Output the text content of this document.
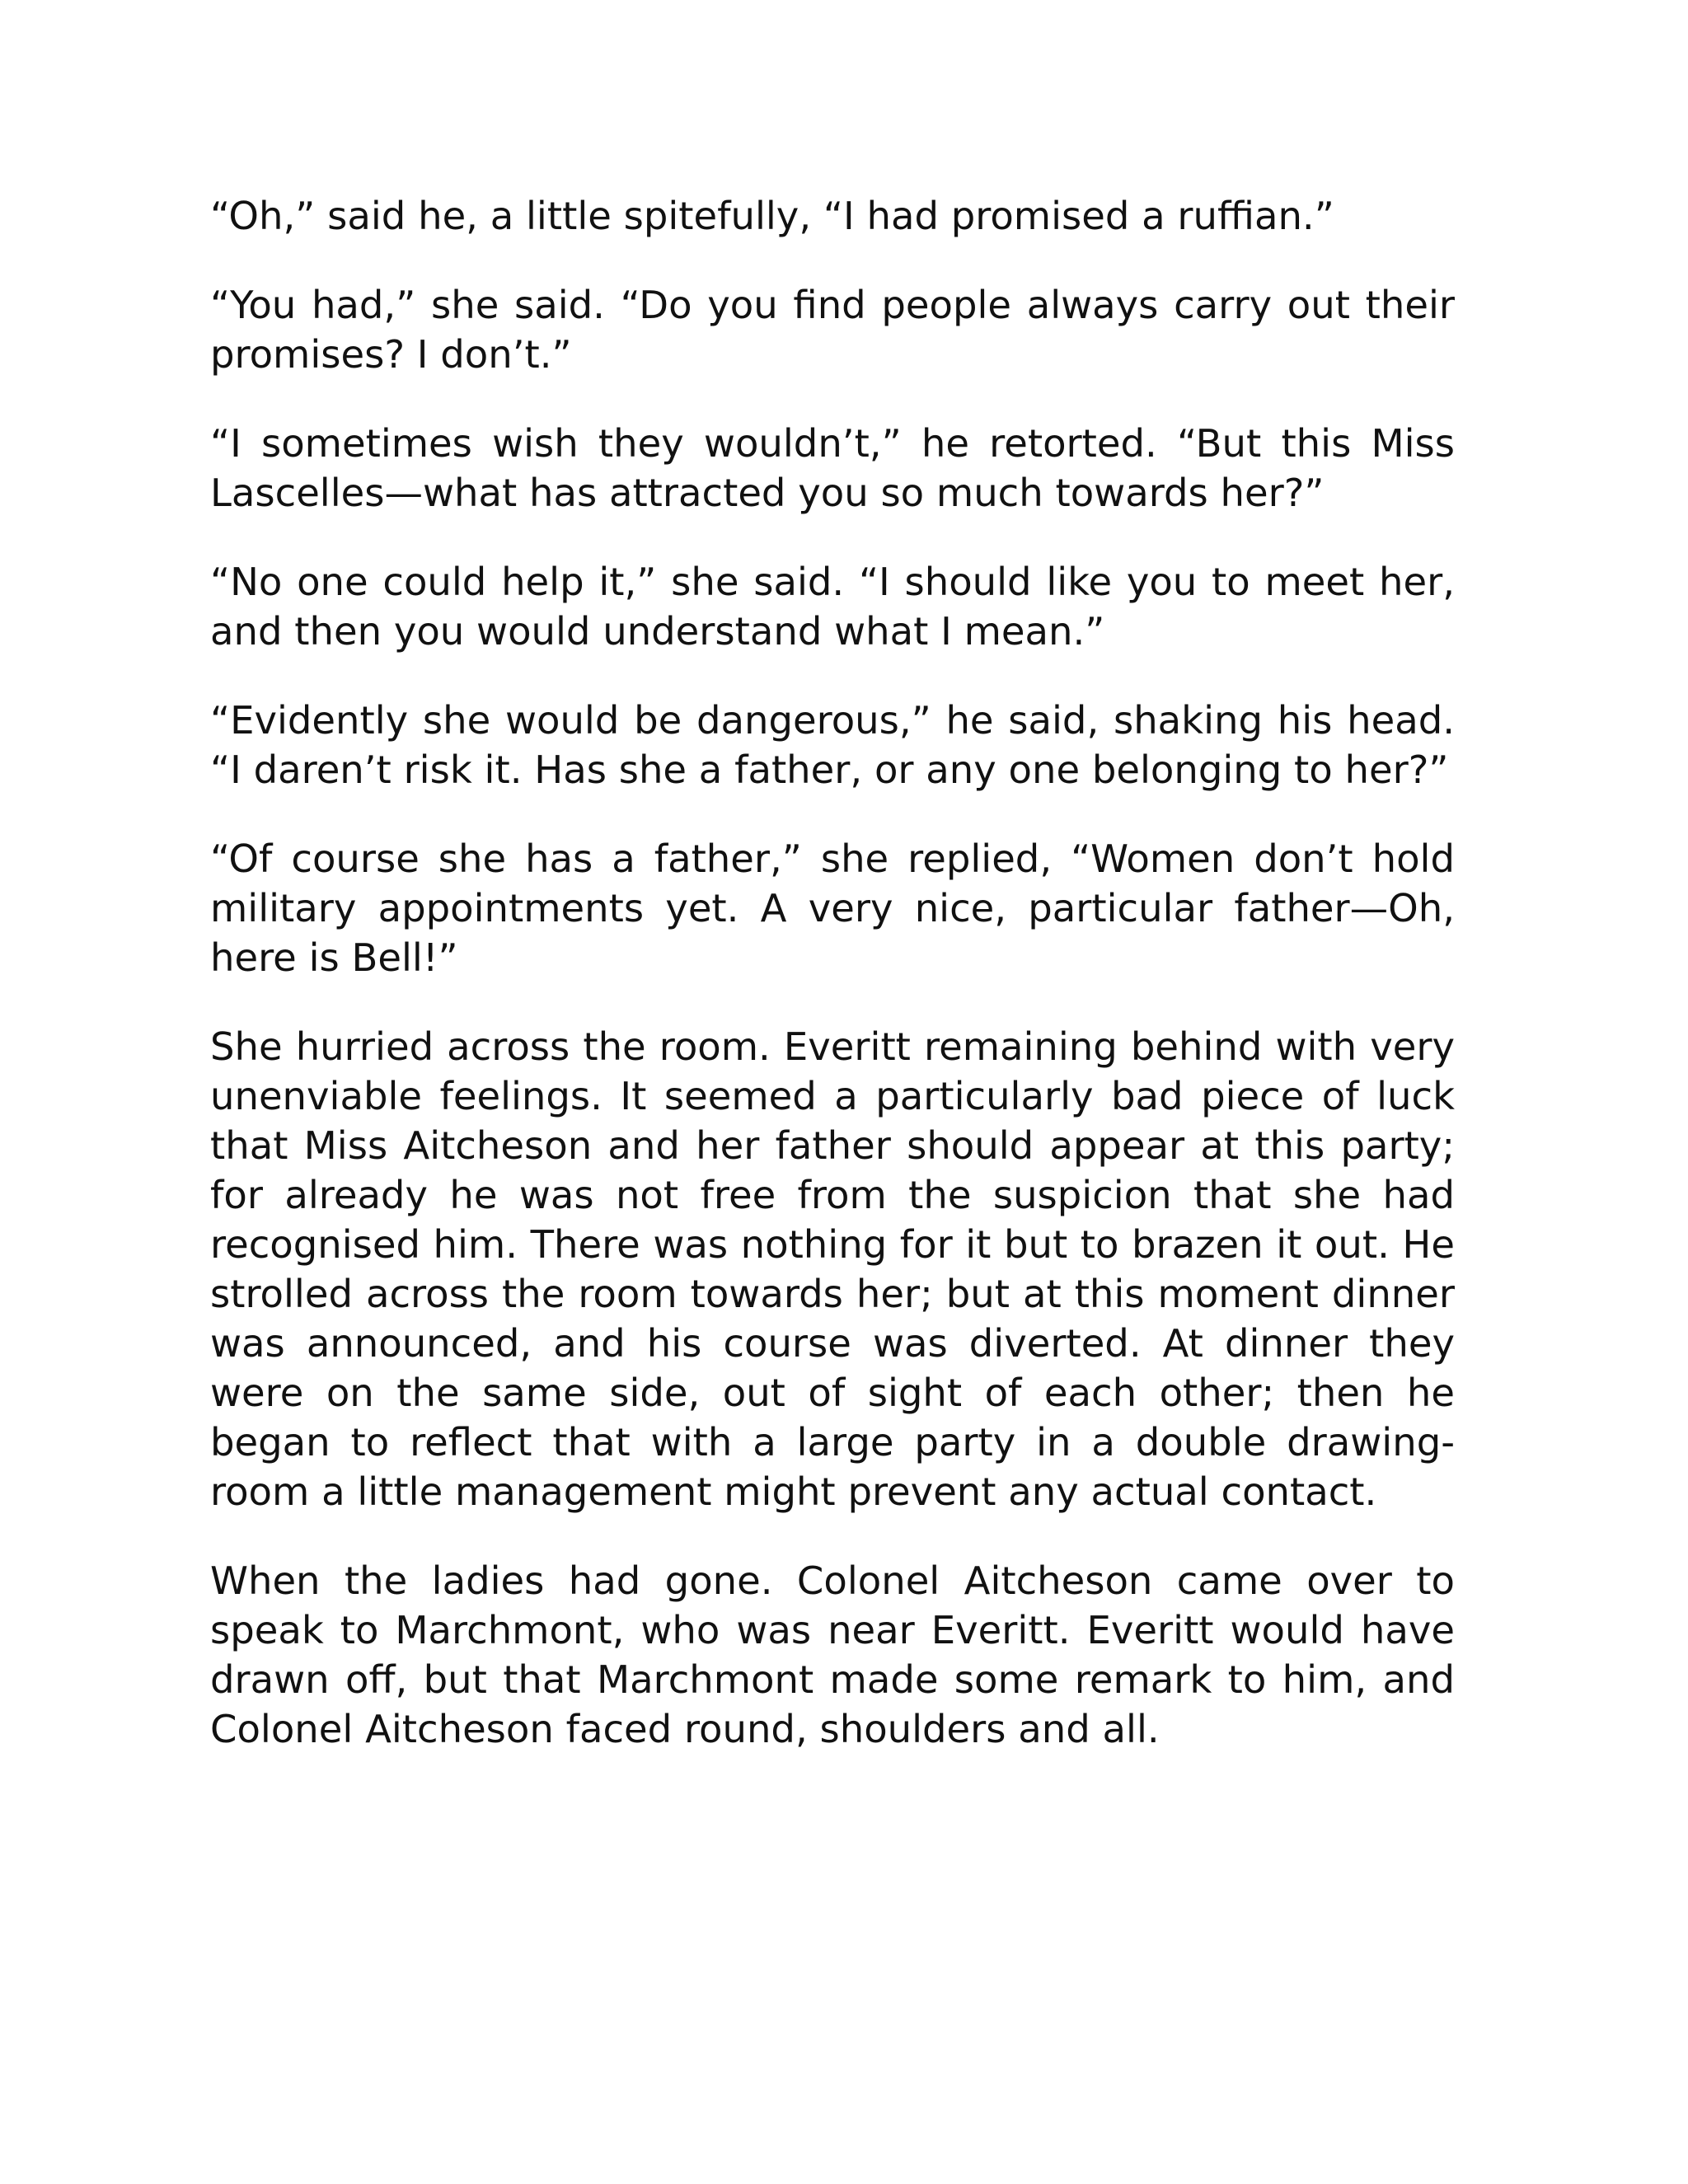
“Oh,” said he, a little spitefully, “I had promised a ruffian.”

“You had,” she said. “Do you find people always carry out their promises? I don’t.”

“I sometimes wish they wouldn’t,” he retorted. “But this Miss Lascelles—what has attracted you so much towards her?”

“No one could help it,” she said. “I should like you to meet her, and then you would understand what I mean.”

“Evidently she would be dangerous,” he said, shaking his head. “I daren’t risk it. Has she a father, or any one belonging to her?”

“Of course she has a father,” she replied, “Women don’t hold military appointments yet. A very nice, particular father—Oh, here is Bell!”

She hurried across the room. Everitt remaining behind with very unenviable feelings. It seemed a particularly bad piece of luck that Miss Aitcheson and her father should appear at this party; for already he was not free from the suspicion that she had recognised him. There was nothing for it but to brazen it out. He strolled across the room towards her; but at this moment dinner was announced, and his course was diverted. At dinner they were on the same side, out of sight of each other; then he began to reflect that with a large party in a double drawing-room a little management might prevent any actual contact.

When the ladies had gone. Colonel Aitcheson came over to speak to Marchmont, who was near Everitt. Everitt would have drawn off, but that Marchmont made some remark to him, and Colonel Aitcheson faced round, shoulders and all.
